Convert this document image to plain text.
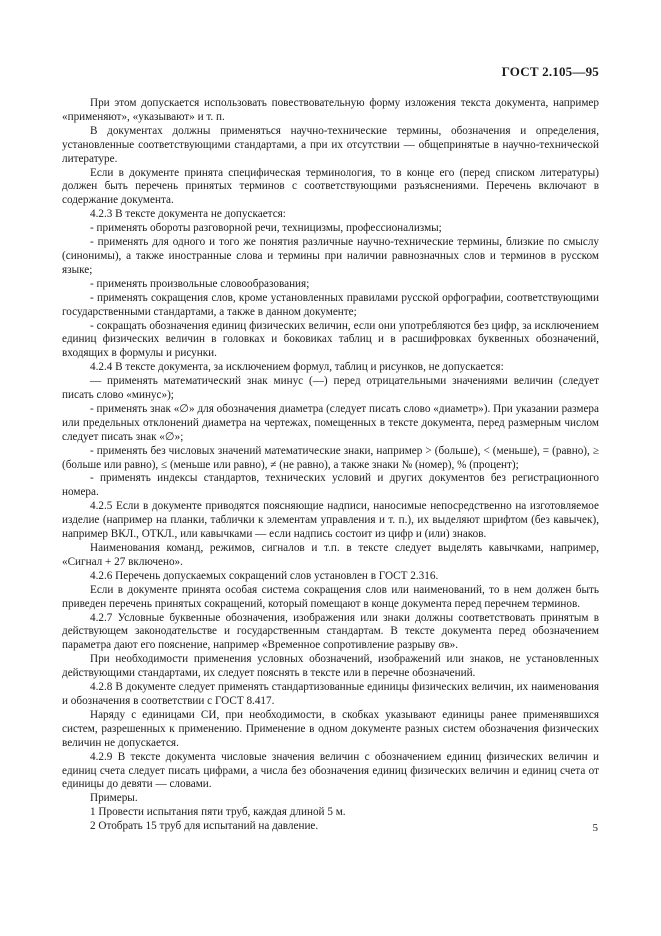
ГОСТ 2.105—95

При этом допускается использовать повествовательную форму изложения текста документа, например «применяют», «указывают» и т. п.

В документах должны применяться научно-технические термины, обозначения и определения, установленные соответствующими стандартами, а при их отсутствии — общепринятые в научно-технической литературе.

Если в документе принята специфическая терминология, то в конце его (перед списком литературы) должен быть перечень принятых терминов с соответствующими разъяснениями. Перечень включают в содержание документа.

4.2.3 В тексте документа не допускается:

- применять обороты разговорной речи, техницизмы, профессионализмы;

- применять для одного и того же понятия различные научно-технические термины, близкие по смыслу (синонимы), а также иностранные слова и термины при наличии равнозначных слов и терминов в русском языке;

- применять произвольные словообразования;

- применять сокращения слов, кроме установленных правилами русской орфографии, соответствующими государственными стандартами, а также в данном документе;

- сокращать обозначения единиц физических величин, если они употребляются без цифр, за исключением единиц физических величин в головках и боковиках таблиц и в расшифровках буквенных обозначений, входящих в формулы и рисунки.

4.2.4 В тексте документа, за исключением формул, таблиц и рисунков, не допускается:

— применять математический знак минус (—) перед отрицательными значениями величин (следует писать слово «минус»);

- применять знак «∅» для обозначения диаметра (следует писать слово «диаметр»). При указании размера или предельных отклонений диаметра на чертежах, помещенных в тексте документа, перед размерным числом следует писать знак «∅»;

- применять без числовых значений математические знаки, например > (больше), < (меньше), = (равно), ≥ (больше или равно), ≤ (меньше или равно), ≠ (не равно), а также знаки № (номер), % (процент);

- применять индексы стандартов, технических условий и других документов без регистрационного номера.

4.2.5 Если в документе приводятся поясняющие надписи, наносимые непосредственно на изготовляемое изделие (например на планки, таблички к элементам управления и т. п.), их выделяют шрифтом (без кавычек), например ВКЛ., ОТКЛ., или кавычками — если надпись состоит из цифр и (или) знаков.

Наименования команд, режимов, сигналов и т.п. в тексте следует выделять кавычками, например, «Сигнал + 27 включено».

4.2.6 Перечень допускаемых сокращений слов установлен в ГОСТ 2.316.

Если в документе принята особая система сокращения слов или наименований, то в нем должен быть приведен перечень принятых сокращений, который помещают в конце документа перед перечнем терминов.

4.2.7 Условные буквенные обозначения, изображения или знаки должны соответствовать принятым в действующем законодательстве и государственным стандартам. В тексте документа перед обозначением параметра дают его пояснение, например «Временное сопротивление разрыву σв».

При необходимости применения условных обозначений, изображений или знаков, не установленных действующими стандартами, их следует пояснять в тексте или в перечне обозначений.

4.2.8 В документе следует применять стандартизованные единицы физических величин, их наименования и обозначения в соответствии с ГОСТ 8.417.

Наряду с единицами СИ, при необходимости, в скобках указывают единицы ранее применявшихся систем, разрешенных к применению. Применение в одном документе разных систем обозначения физических величин не допускается.

4.2.9 В тексте документа числовые значения величин с обозначением единиц физических величин и единиц счета следует писать цифрами, а числа без обозначения единиц физических величин и единиц счета от единицы до девяти — словами.

Примеры.

1 Провести испытания пяти труб, каждая длиной 5 м.

2 Отобрать 15 труб для испытаний на давление.	5
